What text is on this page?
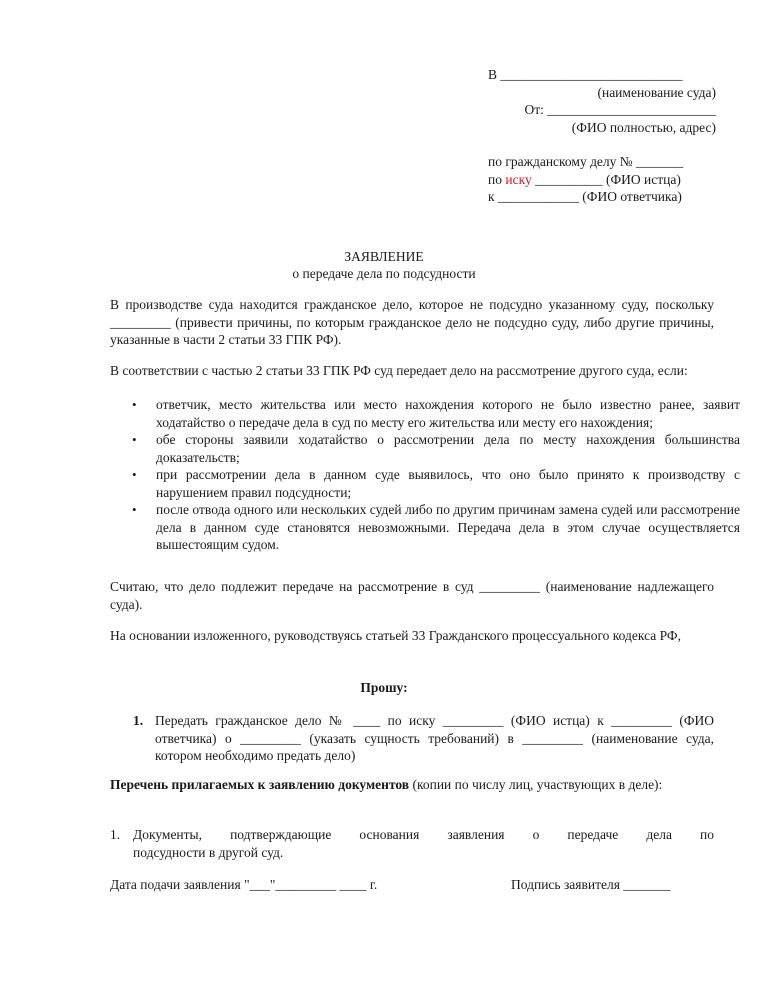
В ___________________________
(наименование суда)
От: _________________________
(ФИО полностью, адрес)
по гражданскому делу № _______
по иску __________ (ФИО истца)
к ____________ (ФИО ответчика)
ЗАЯВЛЕНИЕ
о передаче дела по подсудности
В производстве суда находится гражданское дело, которое не подсудно указанному суду, поскольку _________ (привести причины, по которым гражданское дело не подсудно суду, либо другие причины, указанные в части 2 статьи 33 ГПК РФ).
В соответствии с частью 2 статьи 33 ГПК РФ суд передает дело на рассмотрение другого суда, если:
• ответчик, место жительства или место нахождения которого не было известно ранее, заявит ходатайство о передаче дела в суд по месту его жительства или месту его нахождения;
• обе стороны заявили ходатайство о рассмотрении дела по месту нахождения большинства доказательств;
• при рассмотрении дела в данном суде выявилось, что оно было принято к производству с нарушением правил подсудности;
• после отвода одного или нескольких судей либо по другим причинам замена судей или рассмотрение дела в данном суде становятся невозможными. Передача дела в этом случае осуществляется вышестоящим судом.
Считаю, что дело подлежит передаче на рассмотрение в суд _________ (наименование надлежащего суда).
На основании изложенного, руководствуясь статьей 33 Гражданского процессуального кодекса РФ,
Прошу:
1. Передать гражданское дело № ____ по иску _________ (ФИО истца) к _________ (ФИО ответчика) о _________ (указать сущность требований) в _________ (наименование суда, котором необходимо предать дело)
Перечень прилагаемых к заявлению документов (копии по числу лиц, участвующих в деле):
1. Документы, подтверждающие основания заявления о передаче дела по
подсудности в другой суд.
Дата подачи заявления "___"_________ ____ г.	Подпись заявителя _______
